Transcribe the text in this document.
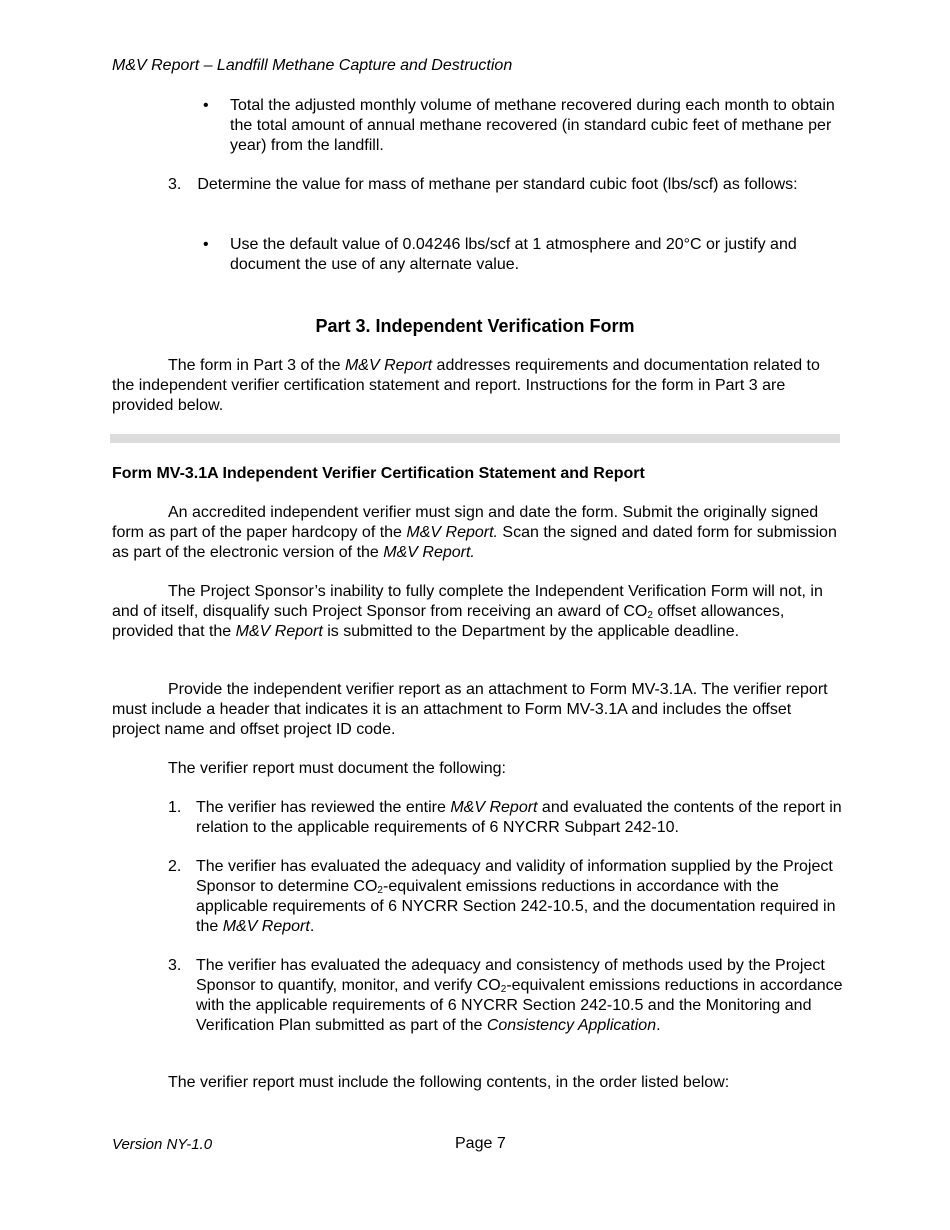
M&V Report – Landfill Methane Capture and Destruction

• Total the adjusted monthly volume of methane recovered during each month to obtain the total amount of annual methane recovered (in standard cubic feet of methane per year) from the landfill.

3. Determine the value for mass of methane per standard cubic foot (lbs/scf) as follows:

• Use the default value of 0.04246 lbs/scf at 1 atmosphere and 20°C or justify and document the use of any alternate value.
Part 3. Independent Verification Form

The form in Part 3 of the M&V Report addresses requirements and documentation related to the independent verifier certification statement and report. Instructions for the form in Part 3 are provided below.

Form MV-3.1A Independent Verifier Certification Statement and Report

An accredited independent verifier must sign and date the form. Submit the originally signed form as part of the paper hardcopy of the M&V Report. Scan the signed and dated form for submission as part of the electronic version of the M&V Report.

The Project Sponsor’s inability to fully complete the Independent Verification Form will not, in and of itself, disqualify such Project Sponsor from receiving an award of $CO_2$ offset allowances, provided that the M&V Report is submitted to the Department by the applicable deadline.

Provide the independent verifier report as an attachment to Form MV-3.1A. The verifier report must include a header that indicates it is an attachment to Form MV-3.1A and includes the offset project name and offset project ID code.

The verifier report must document the following:

1. The verifier has reviewed the entire M&V Report and evaluated the contents of the report in relation to the applicable requirements of 6 NYCRR Subpart 242-10.
2. The verifier has evaluated the adequacy and validity of information supplied by the Project Sponsor to determine $CO_2$-equivalent emissions reductions in accordance with the applicable requirements of 6 NYCRR Section 242-10.5, and the documentation required in the M&V Report.
3. The verifier has evaluated the adequacy and consistency of methods used by the Project Sponsor to quantify, monitor, and verify $CO_2$-equivalent emissions reductions in accordance with the applicable requirements of 6 NYCRR Section 242-10.5 and the Monitoring and Verification Plan submitted as part of the Consistency Application.

The verifier report must include the following contents, in the order listed below:

Version NY-1.0	Page 7
